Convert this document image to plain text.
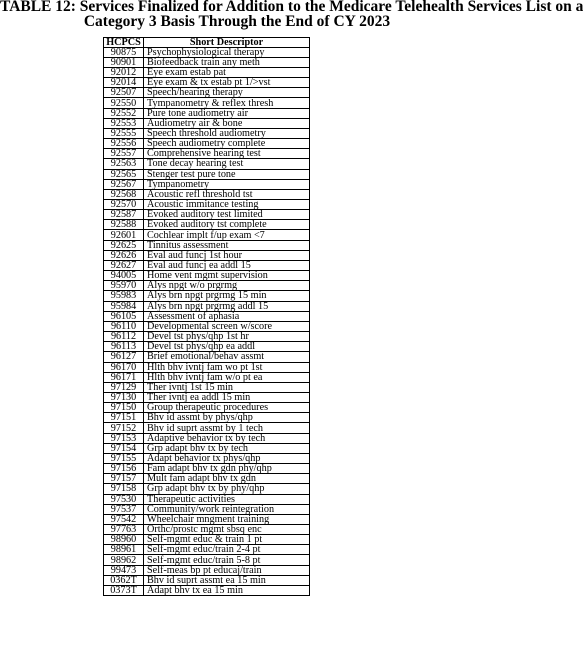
TABLE 12: Services Finalized for Addition to the Medicare Telehealth Services List on a
Category 3 Basis Through the End of CY 2023
HCPCS	Short Descriptor
90875	Psychophysiological therapy
90901	Biofeedback train any meth
92012	Eye exam estab pat
92014	Eye exam & tx estab pt 1/>vst
92507	Speech/hearing therapy
92550	Tympanometry & reflex thresh
92552	Pure tone audiometry air
92553	Audiometry air & bone
92555	Speech threshold audiometry
92556	Speech audiometry complete
92557	Comprehensive hearing test
92563	Tone decay hearing test
92565	Stenger test pure tone
92567	Tympanometry
92568	Acoustic refl threshold tst
92570	Acoustic immitance testing
92587	Evoked auditory test limited
92588	Evoked auditory tst complete
92601	Cochlear implt f/up exam <7
92625	Tinnitus assessment
92626	Eval aud funcj 1st hour
92627	Eval aud funcj ea addl 15
94005	Home vent mgmt supervision
95970	Alys npgt w/o prgrmg
95983	Alys brn npgt prgrmg 15 min
95984	Alys brn npgt prgrmg addl 15
96105	Assessment of aphasia
96110	Developmental screen w/score
96112	Devel tst phys/qhp 1st hr
96113	Devel tst phys/qhp ea addl
96127	Brief emotional/behav assmt
96170	Hlth bhv ivntj fam wo pt 1st
96171	Hlth bhv ivntj fam w/o pt ea
97129	Ther ivntj 1st 15 min
97130	Ther ivntj ea addl 15 min
97150	Group therapeutic procedures
97151	Bhv id assmt by phys/qhp
97152	Bhv id suprt assmt by 1 tech
97153	Adaptive behavior tx by tech
97154	Grp adapt bhv tx by tech
97155	Adapt behavior tx phys/qhp
97156	Fam adapt bhv tx gdn phy/qhp
97157	Mult fam adapt bhv tx gdn
97158	Grp adapt bhv tx by phy/qhp
97530	Therapeutic activities
97537	Community/work reintegration
97542	Wheelchair mngment training
97763	Orthc/prostc mgmt sbsq enc
98960	Self-mgmt educ & train 1 pt
98961	Self-mgmt educ/train 2-4 pt
98962	Self-mgmt educ/train 5-8 pt
99473	Self-meas bp pt educaj/train
0362T	Bhv id suprt assmt ea 15 min
0373T	Adapt bhv tx ea 15 min
